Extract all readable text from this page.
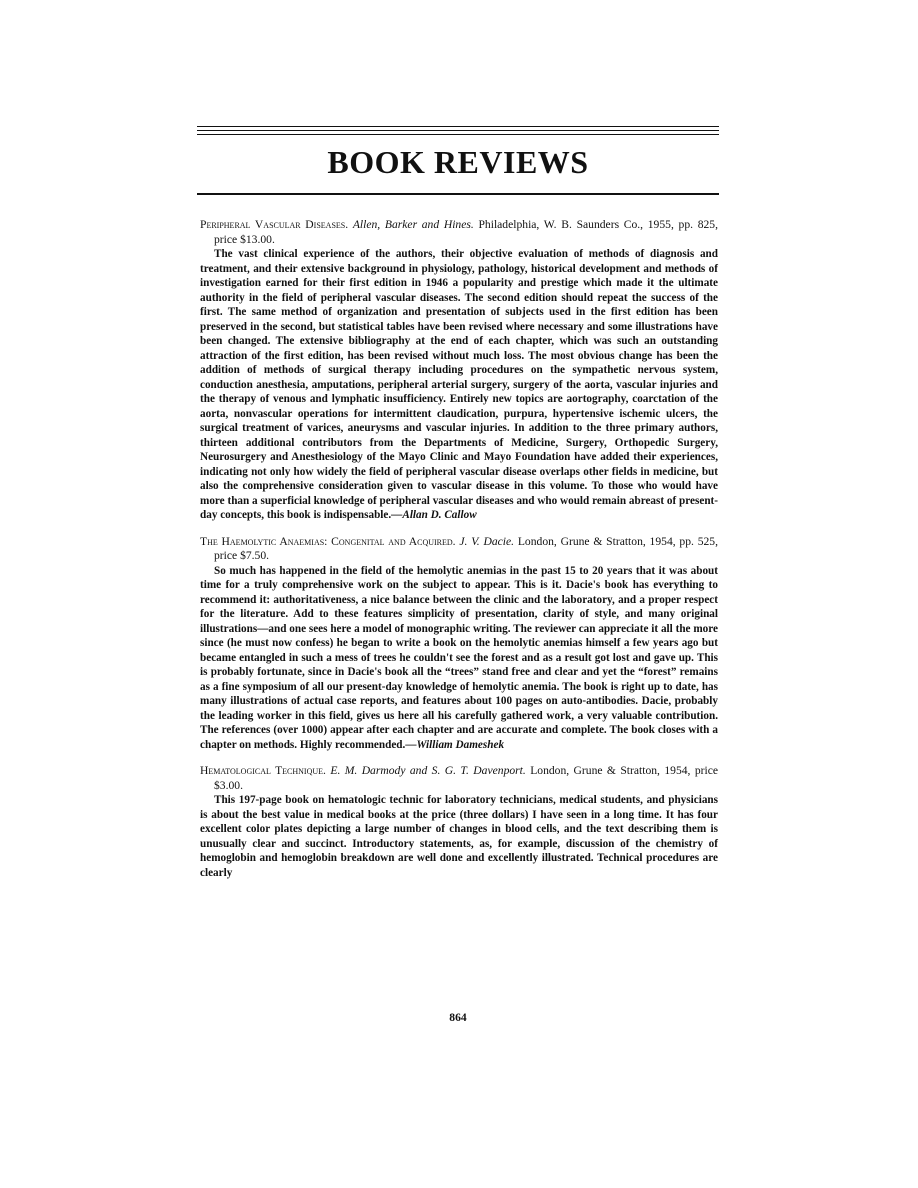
BOOK REVIEWS

Peripheral Vascular Diseases. Allen, Barker and Hines. Philadelphia, W. B. Saunders Co., 1955, pp. 825, price $13.00.

The vast clinical experience of the authors, their objective evaluation of methods of diagnosis and treatment, and their extensive background in physiology, pathology, historical development and methods of investigation earned for their first edition in 1946 a popularity and prestige which made it the ultimate authority in the field of peripheral vascular diseases. The second edition should repeat the success of the first. The same method of organization and presentation of subjects used in the first edition has been preserved in the second, but statistical tables have been revised where necessary and some illustrations have been changed. The extensive bibliography at the end of each chapter, which was such an outstanding attraction of the first edition, has been revised without much loss. The most obvious change has been the addition of methods of surgical therapy including procedures on the sympathetic nervous system, conduction anesthesia, amputations, peripheral arterial surgery, surgery of the aorta, vascular injuries and the therapy of venous and lymphatic insufficiency. Entirely new topics are aortography, coarctation of the aorta, nonvascular operations for intermittent claudication, purpura, hypertensive ischemic ulcers, the surgical treatment of varices, aneurysms and vascular injuries. In addition to the three primary authors, thirteen additional contributors from the Departments of Medicine, Surgery, Orthopedic Surgery, Neurosurgery and Anesthesiology of the Mayo Clinic and Mayo Foundation have added their experiences, indicating not only how widely the field of peripheral vascular disease overlaps other fields in medicine, but also the comprehensive consideration given to vascular disease in this volume. To those who would have more than a superficial knowledge of peripheral vascular diseases and who would remain abreast of present-day concepts, this book is indispensable.—Allan D. Callow

The Haemolytic Anaemias: Congenital and Acquired. J. V. Dacie. London, Grune & Stratton, 1954, pp. 525, price $7.50.

So much has happened in the field of the hemolytic anemias in the past 15 to 20 years that it was about time for a truly comprehensive work on the subject to appear. This is it. Dacie's book has everything to recommend it: authoritativeness, a nice balance between the clinic and the laboratory, and a proper respect for the literature. Add to these features simplicity of presentation, clarity of style, and many original illustrations—and one sees here a model of monographic writing. The reviewer can appreciate it all the more since (he must now confess) he began to write a book on the hemolytic anemias himself a few years ago but became entangled in such a mess of trees he couldn't see the forest and as a result got lost and gave up. This is probably fortunate, since in Dacie's book all the “trees” stand free and clear and yet the “forest” remains as a fine symposium of all our present-day knowledge of hemolytic anemia. The book is right up to date, has many illustrations of actual case reports, and features about 100 pages on auto-antibodies. Dacie, probably the leading worker in this field, gives us here all his carefully gathered work, a very valuable contribution. The references (over 1000) appear after each chapter and are accurate and complete. The book closes with a chapter on methods. Highly recommended.—William Dameshek

Hematological Technique. E. M. Darmody and S. G. T. Davenport. London, Grune & Stratton, 1954, price $3.00.

This 197-page book on hematologic technic for laboratory technicians, medical students, and physicians is about the best value in medical books at the price (three dollars) I have seen in a long time. It has four excellent color plates depicting a large number of changes in blood cells, and the text describing them is unusually clear and succinct. Introductory statements, as, for example, discussion of the chemistry of hemoglobin and hemoglobin breakdown are well done and excellently illustrated. Technical procedures are clearly

864
